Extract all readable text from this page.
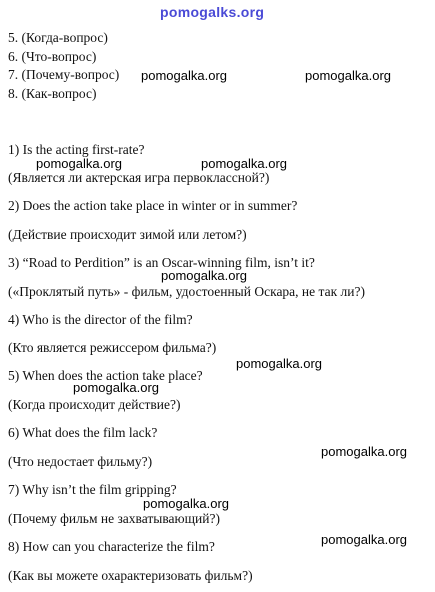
pomogalks.org
5. (Когда-вопрос)
6. (Что-вопрос)
7. (Почему-вопрос)
8. (Как-вопрос)
pomogalka.org	pomogalka.org
1) Is the acting first-rate?
pomogalka.org	pomogalka.org
(Является ли актерская игра первоклассной?)
2) Does the action take place in winter or in summer?
(Действие происходит зимой или летом?)
3) “Road to Perdition” is an Oscar-winning film, isn’t it?
pomogalka.org
(«Проклятый путь» - фильм, удостоенный Оскара, не так ли?)
4) Who is the director of the film?
(Кто является режиссером фильма?)
pomogalka.org
5) When does the action take place?
pomogalka.org
(Когда происходит действие?)
6) What does the film lack?
pomogalka.org
(Что недостает фильму?)
7) Why isn’t the film gripping?
pomogalka.org
(Почему фильм не захватывающий?)
pomogalka.org
8) How can you characterize the film?
(Как вы можете охарактеризовать фильм?)
